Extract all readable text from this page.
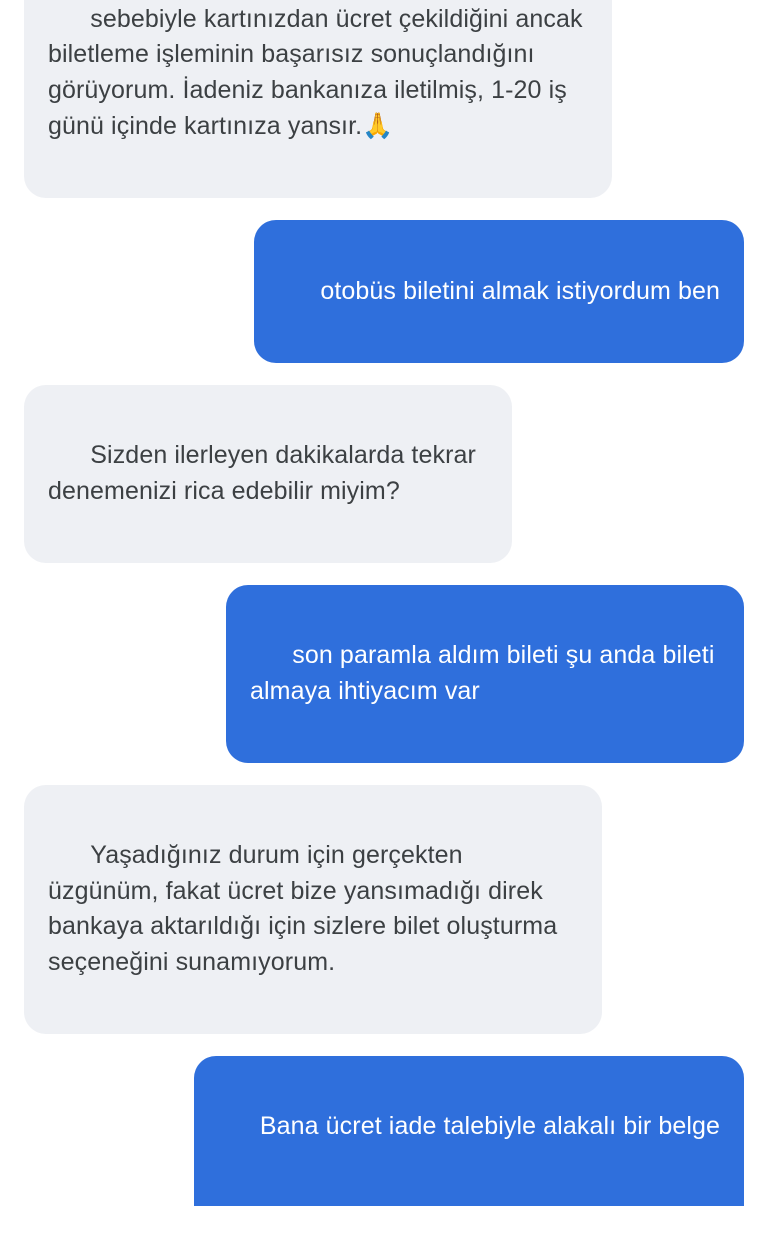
sebebiyle kartınızdan ücret çekildiğini ancak biletleme işleminin başarısız sonuçlandığını görüyorum. İadeniz bankanıza iletilmiş, 1-20 iş günü içinde kartınıza yansır.🙏

otobüs biletini almak istiyordum ben

Sizden ilerleyen dakikalarda tekrar denemenizi rica edebilir miyim?

son paramla aldım bileti şu anda bileti almaya ihtiyacım var

Yaşadığınız durum için gerçekten üzgünüm, fakat ücret bize yansımadığı direk bankaya aktarıldığı için sizlere bilet oluşturma seçeneğini sunamıyorum.

Bana ücret iade talebiyle alakalı bir belge
